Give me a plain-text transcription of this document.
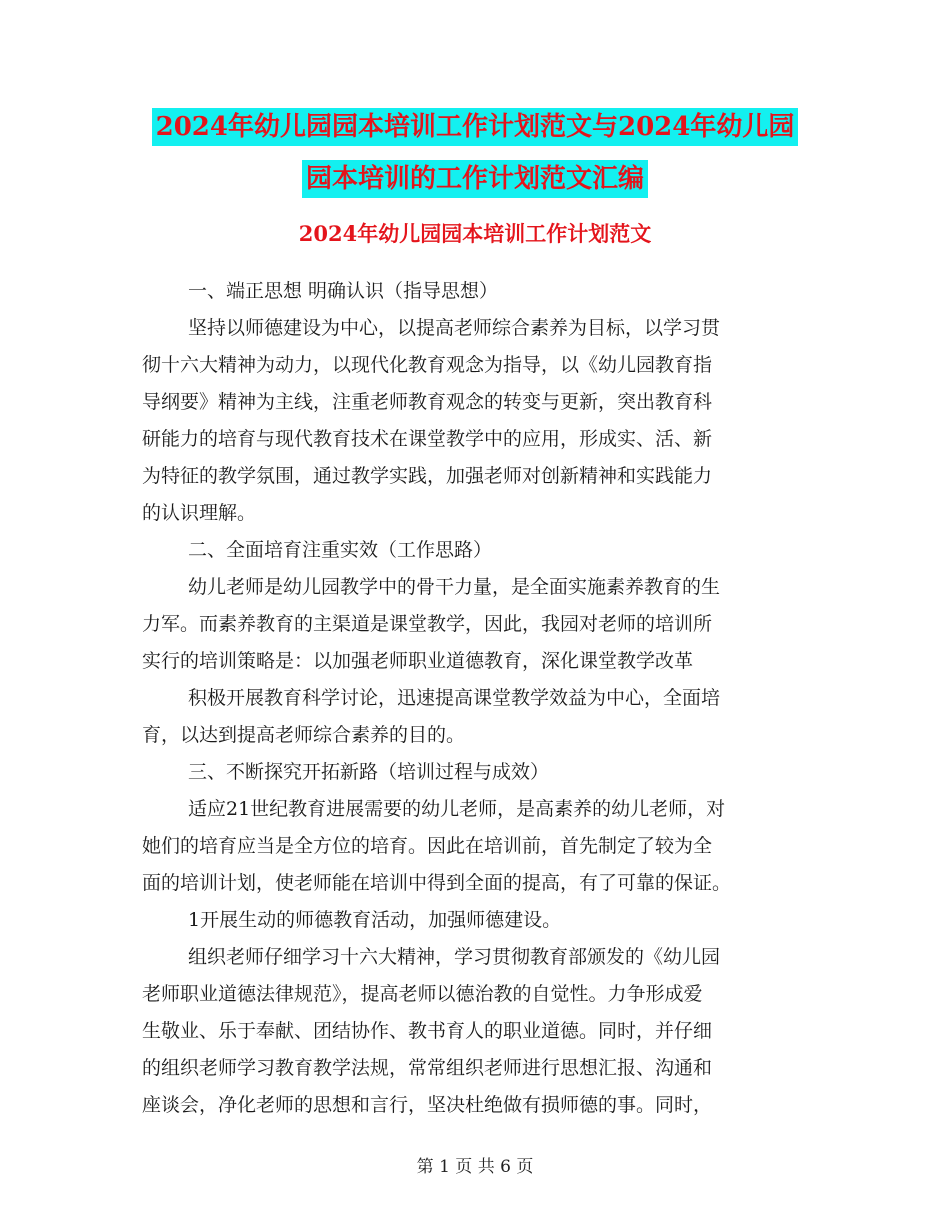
2024年幼儿园园本培训工作计划范文与2024年幼儿园
园本培训的工作计划范文汇编
2024年幼儿园园本培训工作计划范文
一、端正思想 明确认识（指导思想）
坚持以师德建设为中心，以提高老师综合素养为目标，以学习贯
彻十六大精神为动力，以现代化教育观念为指导，以《幼儿园教育指
导纲要》精神为主线，注重老师教育观念的转变与更新，突出教育科
研能力的培育与现代教育技术在课堂教学中的应用，形成实、活、新
为特征的教学氛围，通过教学实践，加强老师对创新精神和实践能力
的认识理解。
二、全面培育注重实效（工作思路）
幼儿老师是幼儿园教学中的骨干力量，是全面实施素养教育的生
力军。而素养教育的主渠道是课堂教学，因此，我园对老师的培训所
实行的培训策略是：以加强老师职业道德教育，深化课堂教学改革
积极开展教育科学讨论，迅速提高课堂教学效益为中心，全面培
育，以达到提高老师综合素养的目的。
三、不断探究开拓新路（培训过程与成效）
适应21世纪教育进展需要的幼儿老师，是高素养的幼儿老师，对
她们的培育应当是全方位的培育。因此在培训前，首先制定了较为全
面的培训计划，使老师能在培训中得到全面的提高，有了可靠的保证。
1开展生动的师德教育活动，加强师德建设。
组织老师仔细学习十六大精神，学习贯彻教育部颁发的《幼儿园
老师职业道德法律规范》，提高老师以德治教的自觉性。力争形成爱
生敬业、乐于奉献、团结协作、教书育人的职业道德。同时，并仔细
的组织老师学习教育教学法规，常常组织老师进行思想汇报、沟通和
座谈会，净化老师的思想和言行，坚决杜绝做有损师德的事。同时，
第 1 页 共 6 页
